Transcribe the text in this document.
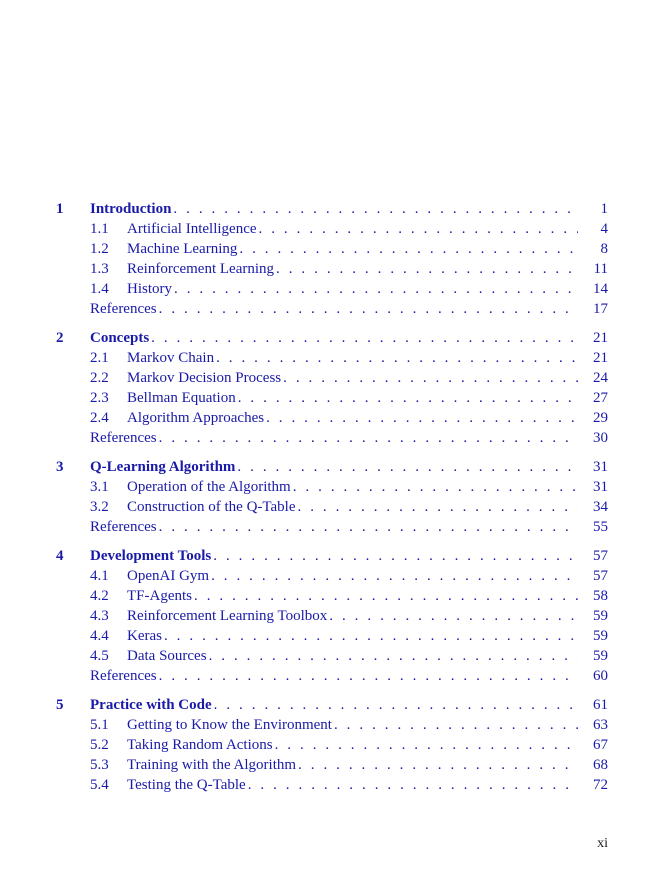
1 Introduction . . .	1
1.1	Artificial Intelligence . . .	4
1.2	Machine Learning . . .	8
1.3	Reinforcement Learning . . .	11
1.4	History . . .	14
References . . .	17
2 Concepts . . .	21
2.1	Markov Chain . . .	21
2.2	Markov Decision Process . . .	24
2.3	Bellman Equation . . .	27
2.4	Algorithm Approaches . . .	29
References . . .	30
3 Q-Learning Algorithm . . .	31
3.1	Operation of the Algorithm . . .	31
3.2	Construction of the Q-Table . . .	34
References . . .	55
4 Development Tools . . .	57
4.1	OpenAI Gym . . .	57
4.2	TF-Agents . . .	58
4.3	Reinforcement Learning Toolbox . . .	59
4.4	Keras . . .	59
4.5	Data Sources . . .	59
References . . .	60
5 Practice with Code . . .	61
5.1	Getting to Know the Environment . . .	63
5.2	Taking Random Actions . . .	67
5.3	Training with the Algorithm . . .	68
5.4	Testing the Q-Table . . .	72
xi
